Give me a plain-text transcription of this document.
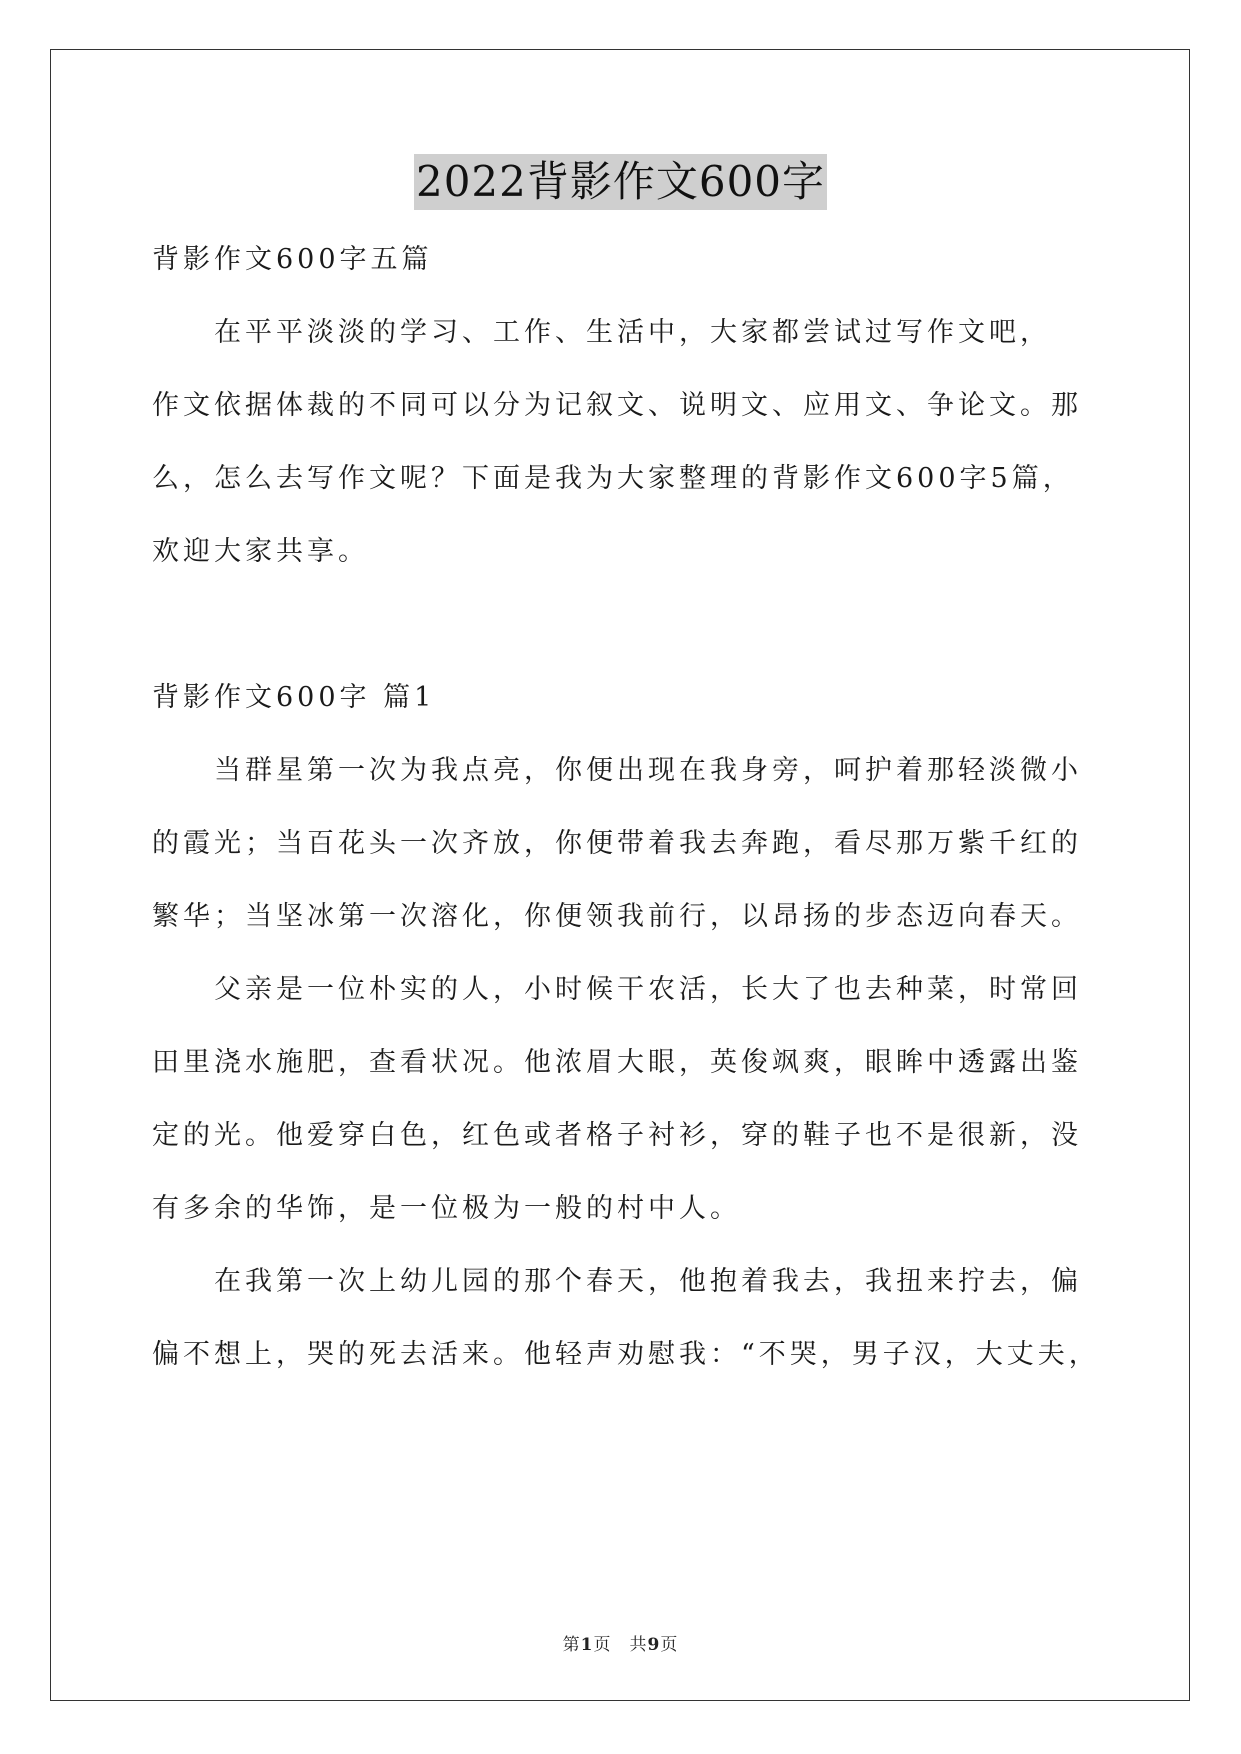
2022背影作文600字
背影作文600字五篇
　　在平平淡淡的学习、工作、生活中，大家都尝试过写作文吧，
作文依据体裁的不同可以分为记叙文、说明文、应用文、争论文。那
么，怎么去写作文呢？下面是我为大家整理的背影作文600字5篇，
欢迎大家共享。
背影作文600字 篇1
当群星第一次为我点亮，你便出现在我身旁，呵护着那轻淡微小
的霞光；当百花头一次齐放，你便带着我去奔跑，看尽那万紫千红的
繁华；当坚冰第一次溶化，你便领我前行，以昂扬的步态迈向春天。
父亲是一位朴实的人，小时候干农活，长大了也去种菜，时常回
田里浇水施肥，查看状况。他浓眉大眼，英俊飒爽，眼眸中透露出鉴
定的光。他爱穿白色，红色或者格子衬衫，穿的鞋子也不是很新，没
有多余的华饰，是一位极为一般的村中人。
在我第一次上幼儿园的那个春天，他抱着我去，我扭来拧去，偏
偏不想上，哭的死去活来。他轻声劝慰我：“不哭，男子汉，大丈夫，
第1页　共9页
